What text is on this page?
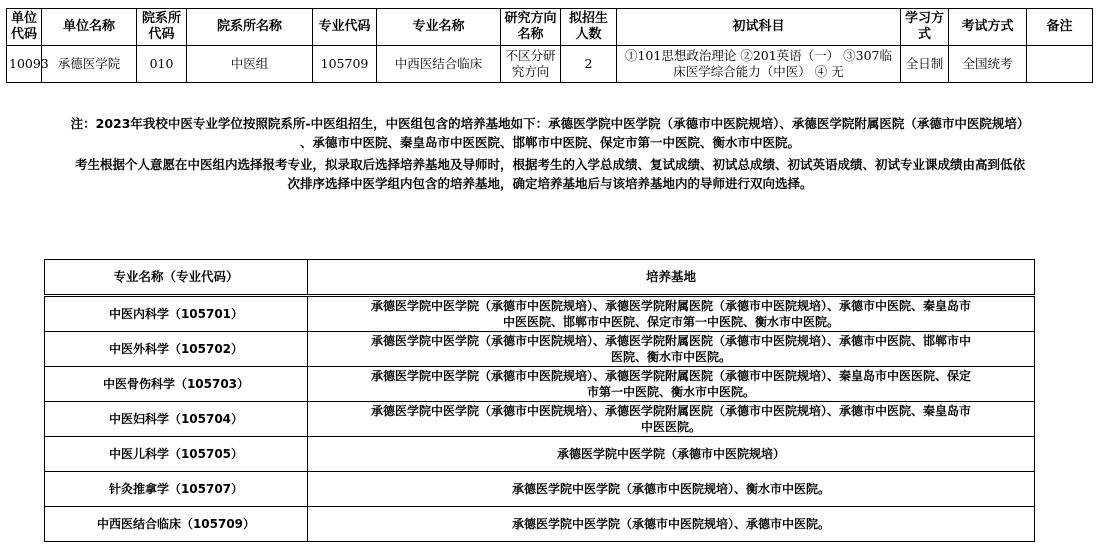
单位代码	单位名称	院系所代码	院系所名称	专业代码	专业名称	研究方向名称	拟招生人数	初试科目	学习方式	考试方式	备注
10093	承德医学院	010	中医组	105709	中西医结合临床	不区分研究方向	2	①101思想政治理论 ②201英语（一） ③307临床医学综合能力（中医） ④ 无	全日制	全国统考	

注：2023年我校中医专业学位按照院系所-中医组招生，中医组包含的培养基地如下：承德医学院中医学院（承德市中医院规培）、承德医学院附属医院（承德市中医院规培）

、承德市中医院、秦皇岛市中医医院、邯郸市中医院、保定市第一中医院、衡水市中医院。

考生根据个人意愿在中医组内选择报考专业，拟录取后选择培养基地及导师时，根据考生的入学总成绩、复试成绩、初试总成绩、初试英语成绩、初试专业课成绩由高到低依

次排序选择中医学组内包含的培养基地，确定培养基地后与该培养基地内的导师进行双向选择。

专业名称（专业代码）	培养基地
中医内科学（105701）	承德医学院中医学院（承德市中医院规培）、承德医学院附属医院（承德市中医院规培）、承德市中医院、秦皇岛市
中医医院、邯郸市中医院、保定市第一中医院、衡水市中医院。
中医外科学（105702）	承德医学院中医学院（承德市中医院规培）、承德医学院附属医院（承德市中医院规培）、承德市中医院、邯郸市中
医院、衡水市中医院。
中医骨伤科学（105703）	承德医学院中医学院（承德市中医院规培）、承德医学院附属医院（承德市中医院规培）、秦皇岛市中医医院、保定
市第一中医院、衡水市中医院。
中医妇科学（105704）	承德医学院中医学院（承德市中医院规培）、承德医学院附属医院（承德市中医院规培）、承德市中医院、秦皇岛市
中医医院。
中医儿科学（105705）	承德医学院中医学院（承德市中医院规培）
针灸推拿学（105707）	承德医学院中医学院（承德市中医院规培）、衡水市中医院。
中西医结合临床（105709）	承德医学院中医学院（承德市中医院规培）、承德市中医院。
